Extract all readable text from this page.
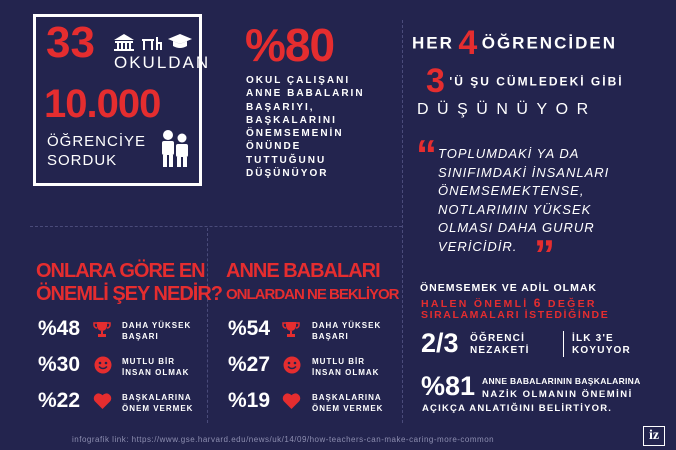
33 OKULDAN
10.000
ÖĞRENCİYE
SORDUK
%80
OKUL ÇALIŞANI
ANNE BABALARIN
BAŞARIYI,
BAŞKALARINI
ÖNEMSEMENİN
ÖNÜNDE
TUTTUĞUNU
DÜŞÜNÜYOR
HER 4 ÖĞRENCİDEN
3 'Ü ŞU CÜMLEDEKİ GİBİ
DÜŞÜNÜYOR
“ TOPLUMDAKİ YA DA
SINIFIMDAKİ İNSANLARI
ÖNEMSEMEKTENSE,
NOTLARIMIN YÜKSEK
OLMASI DAHA GURUR
VERİCİDİR. ”
ÖNEMSEMEK VE ADİL OLMAK
HALEN ÖNEMLİ 6 DEĞER
SIRALAMALARI İSTEDİĞİNDE
2/3 ÖĞRENCİ
NEZAKETİ
İLK 3'E
KOYUYOR
%81 ANNE BABALARININ BAŞKALARINA
NAZİK OLMANIN ÖNEMİNİ
AÇIKÇA ANLATIĞINI BELİRTİYOR.
ONLARA GÖRE EN
ÖNEMLİ ŞEY NEDİR?
%48	DAHA YÜKSEK
BAŞARI
%30	MUTLU BİR
İNSAN OLMAK
%22	BAŞKALARINA
ÖNEM VERMEK
ANNE BABALARI
ONLARDAN NE BEKLİYOR
%54	DAHA YÜKSEK
BAŞARI
%27	MUTLU BİR
İNSAN OLMAK
%19	BAŞKALARINA
ÖNEM VERMEK
infografik link: https://www.gse.harvard.edu/news/uk/14/09/how-teachers-can-make-caring-more-common	iz
